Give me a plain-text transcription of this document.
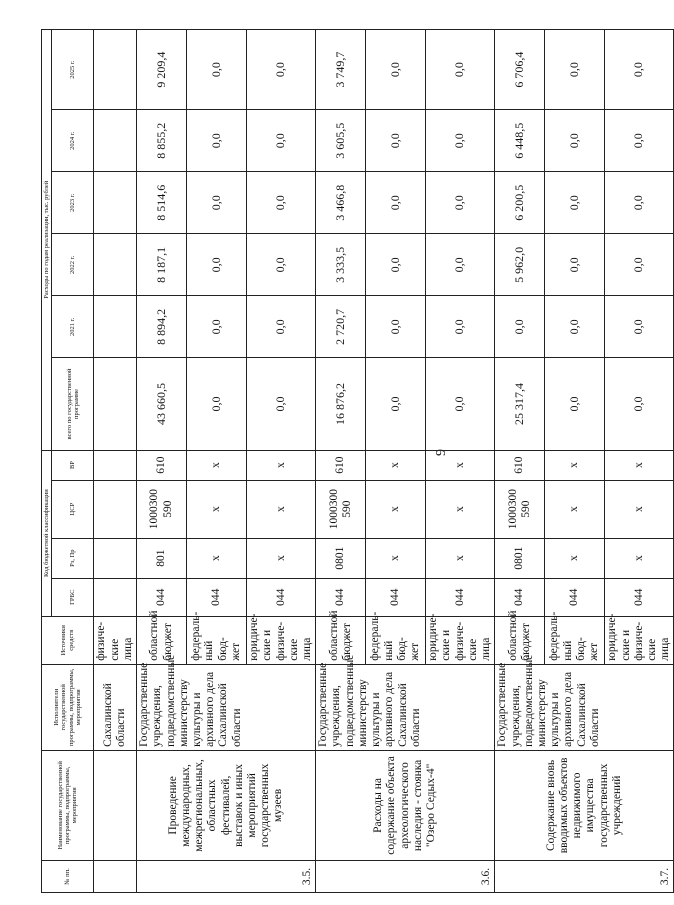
9
№ пп.	Наименование государственной программы, подпрограммы, мероприятия	Исполнители государственной программы, подпрограммы, мероприятия	Источники средств	Код бюджетной классификации				Расходы по годам реализации, тыс. рублей					
				ГРБС	Рз, Пр	ЦСР	ВР	всего по государственной программе	2021 г.	2022 г.	2023 г.	2024 г.	2025 г.
		Сахалинской области	физиче-ские лица										
3.5.	Проведение международных, межрегиональных, областных фестивалей, выставок и иных мероприятий государственных музеев	Государственные учреждения, подведомственные министерству культуры и архивного дела Сахалинской области	областной бюджет	044	801	1000300 590	610	43 660,5	8 894,2	8 187,1	8 514,6	8 855,2	9 209,4
			федераль-ный бюд-жет	044	х	х	х	0,0	0,0	0,0	0,0	0,0	0,0
			юридиче-ские и физиче-ские лица	044	х	х	х	0,0	0,0	0,0	0,0	0,0	0,0
3.6.	Расходы на содержание объекта археологического наследия - стоянка "Озеро Седых-4"	Государственные учреждения, подведомственные министерству культуры и архивного дела Сахалинской области	областной бюджет	044	0801	1000300 590	610	16 876,2	2 720,7	3 333,5	3 466,8	3 605,5	3 749,7
			федераль-ный бюд-жет	044	х	х	х	0,0	0,0	0,0	0,0	0,0	0,0
			юридиче-ские и физиче-ские лица	044	х	х	х	0,0	0,0	0,0	0,0	0,0	0,0
3.7.	Содержание вновь вводимых объектов недвижимого имущества государственных учреждений	Государственные учреждения, подведомственные министерству культуры и архивного дела Сахалинской области	областной бюджет	044	0801	1000300 590	610	25 317,4	0,0	5 962,0	6 200,5	6 448,5	6 706,4
			федераль-ный бюд-жет	044	х	х	х	0,0	0,0	0,0	0,0	0,0	0,0
			юридиче-ские и физиче-ские лица	044	х	х	х	0,0	0,0	0,0	0,0	0,0	0,0
